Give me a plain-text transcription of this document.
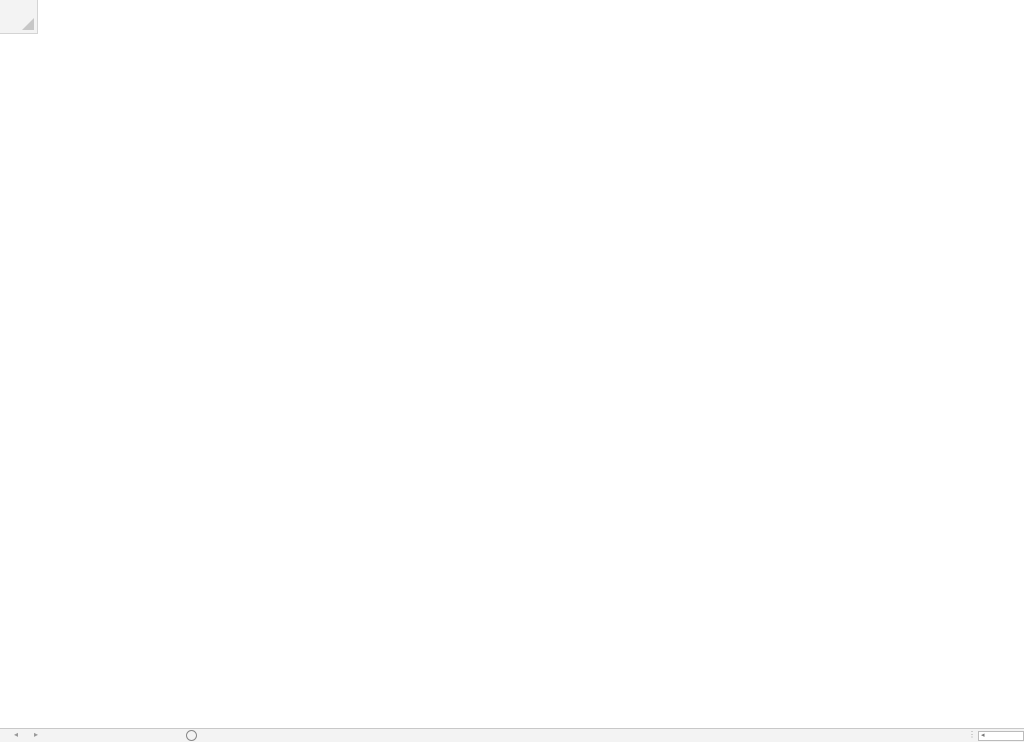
◂ ▸	⋮ ◂
